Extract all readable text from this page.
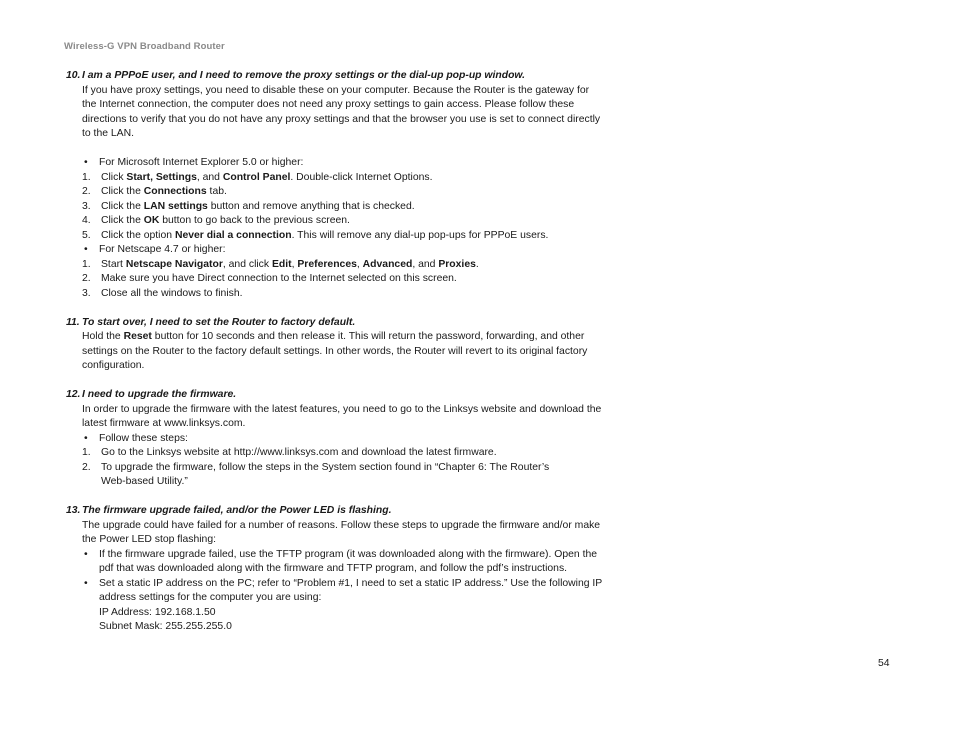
Wireless-G VPN Broadband Router

10. I am a PPPoE user, and I need to remove the proxy settings or the dial-up pop-up window.

If you have proxy settings, you need to disable these on your computer. Because the Router is the gateway for the Internet connection, the computer does not need any proxy settings to gain access. Please follow these directions to verify that you do not have any proxy settings and that the browser you use is set to connect directly to the LAN.

• For Microsoft Internet Explorer 5.0 or higher:
1. Click Start, Settings, and Control Panel. Double-click Internet Options.
2. Click the Connections tab.
3. Click the LAN settings button and remove anything that is checked.
4. Click the OK button to go back to the previous screen.
5. Click the option Never dial a connection. This will remove any dial-up pop-ups for PPPoE users.
• For Netscape 4.7 or higher:
1. Start Netscape Navigator, and click Edit, Preferences, Advanced, and Proxies.
2. Make sure you have Direct connection to the Internet selected on this screen.
3. Close all the windows to finish.

11. To start over, I need to set the Router to factory default.

Hold the Reset button for 10 seconds and then release it. This will return the password, forwarding, and other settings on the Router to the factory default settings. In other words, the Router will revert to its original factory configuration.

12. I need to upgrade the firmware.

In order to upgrade the firmware with the latest features, you need to go to the Linksys website and download the latest firmware at www.linksys.com.

• Follow these steps:
1. Go to the Linksys website at http://www.linksys.com and download the latest firmware.
2. To upgrade the firmware, follow the steps in the System section found in “Chapter 6: The Router’s
Web-based Utility.”

13. The firmware upgrade failed, and/or the Power LED is flashing.

The upgrade could have failed for a number of reasons. Follow these steps to upgrade the firmware and/or make the Power LED stop flashing:

• If the firmware upgrade failed, use the TFTP program (it was downloaded along with the firmware). Open the pdf that was downloaded along with the firmware and TFTP program, and follow the pdf’s instructions.
• Set a static IP address on the PC; refer to “Problem #1, I need to set a static IP address.” Use the following IP address settings for the computer you are using:
IP Address: 192.168.1.50
Subnet Mask: 255.255.255.0
54
